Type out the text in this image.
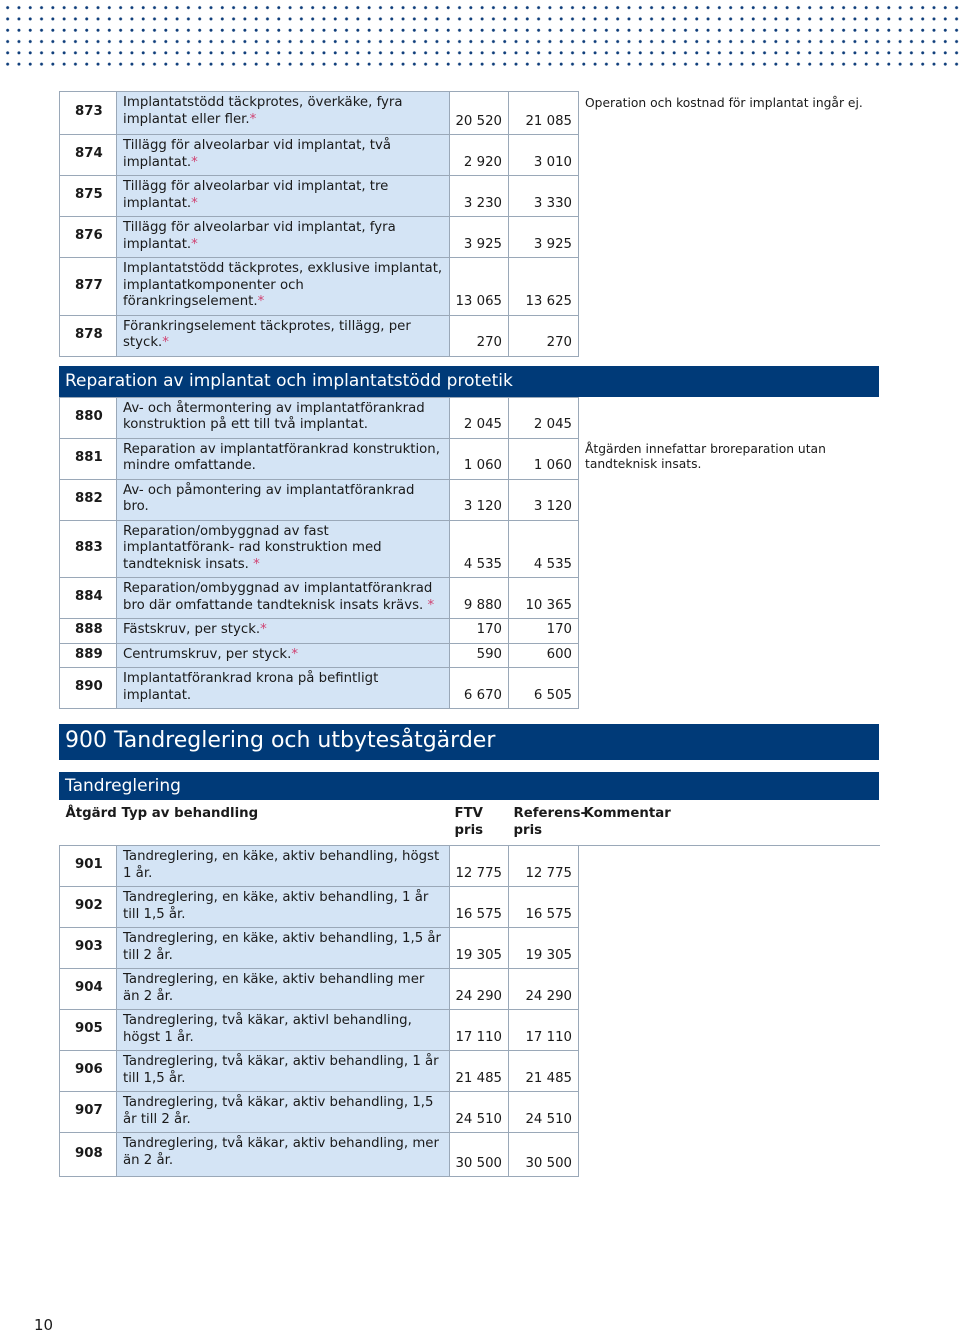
873	Implantatstödd täckprotes, överkäke, fyra implantat eller fler.*	20 520	21 085	Operation och kostnad för implantat ingår ej.
874	Tillägg för alveolarbar vid implantat, två implantat.*	2 920	3 010	
875	Tillägg för alveolarbar vid implantat, tre implantat.*	3 230	3 330	
876	Tillägg för alveolarbar vid implantat, fyra implantat.*	3 925	3 925	
877	Implantatstödd täckprotes, exklusive implantat, implantatkomponenter och förankringselement.*	13 065	13 625	
878	Förankringselement täckprotes, tillägg, per styck.*	270	270	
Reparation av implantat och implantatstödd protetik
880	Av- och återmontering av implantatförankrad konstruktion på ett till två implantat.	2 045	2 045	
881	Reparation av implantatförankrad konstruktion, mindre omfattande.	1 060	1 060	Åtgärden innefattar broreparation utan tandteknisk insats.
882	Av- och påmontering av implantatförankrad bro.	3 120	3 120	
883	Reparation/ombyggnad av fast implantatförank- rad konstruktion med tandteknisk insats. *	4 535	4 535	
884	Reparation/ombyggnad av implantatförankrad bro där omfattande tandteknisk insats krävs. *	9 880	10 365	
888	Fästskruv, per styck.*	170	170	
889	Centrumskruv, per styck.*	590	600	
890	Implantatförankrad krona på befintligt implantat.	6 670	6 505	
900 Tandreglering och utbytesåtgärder
Tandreglering
Åtgärd	Typ av behandling	FTV pris	Referens- pris	Kommentar
901	Tandreglering, en käke, aktiv behandling, högst 1 år.	12 775	12 775	
902	Tandreglering, en käke, aktiv behandling, 1 år till 1,5 år.	16 575	16 575	
903	Tandreglering, en käke, aktiv behandling, 1,5 år till 2 år.	19 305	19 305	
904	Tandreglering, en käke, aktiv behandling mer än 2 år.	24 290	24 290	
905	Tandreglering, två käkar, aktivl behandling, högst 1 år.	17 110	17 110	
906	Tandreglering, två käkar, aktiv behandling, 1 år till 1,5 år.	21 485	21 485	
907	Tandreglering, två käkar, aktiv behandling, 1,5 år till 2 år.	24 510	24 510	
908	Tandreglering, två käkar, aktiv behandling, mer än 2 år.	30 500	30 500	
10
